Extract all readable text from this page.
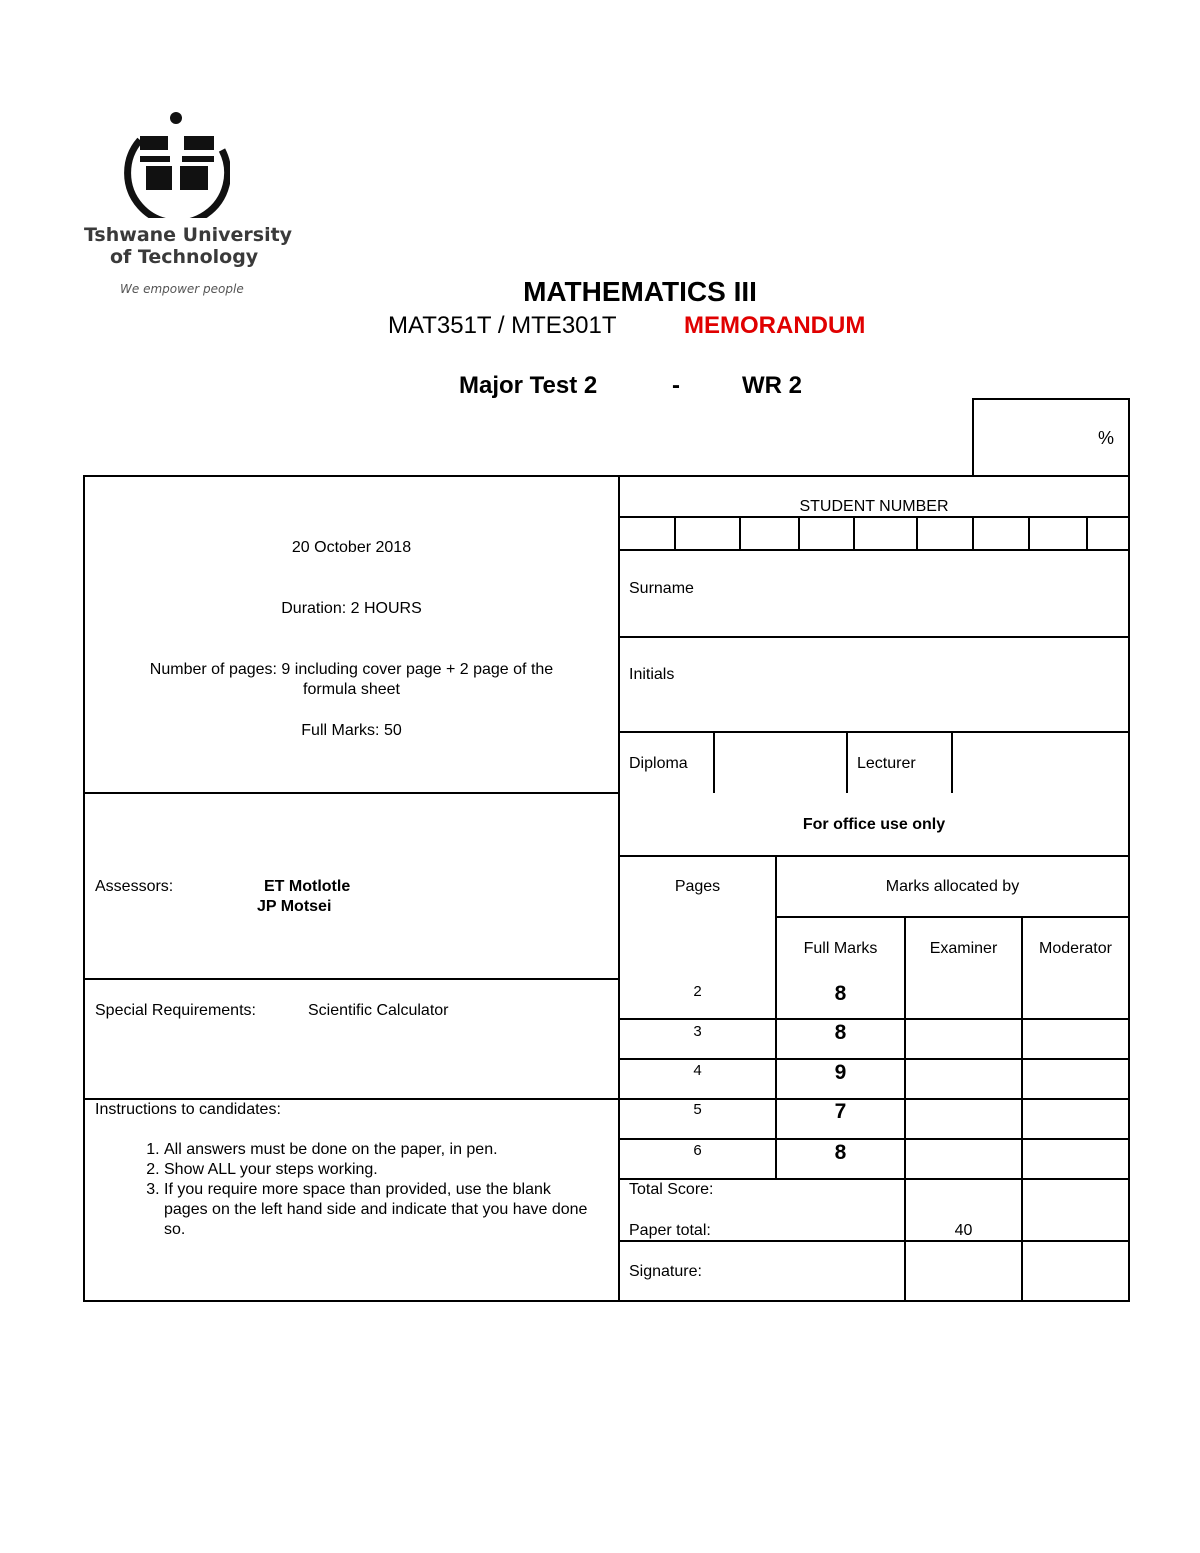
Tshwane University
of Technology
We empower people	MATHEMATICS III
MAT351T / MTE301T	MEMORANDUM
Major Test 2	-	WR 2
%
20 October 2018
Duration: 2 HOURS
Number of pages: 9 including cover page + 2 page of the
formula sheet
Full Marks: 50
Assessors:	ET Motlotle
JP Motsei
Special Requirements:	Scientific Calculator
Instructions to candidates:
1. All answers must be done on the paper, in pen.
2. Show ALL your steps working.
3. If you require more space than provided, use the blank pages on the left hand side and indicate that you have done so.
STUDENT NUMBER
Surname
Initials
Diploma	Lecturer
For office use only
Pages	Marks allocated by
Full Marks	Examiner	Moderator
2	8
3	8
4	9
5	7
6	8
Total Score:
Paper total:	40
Signature:
